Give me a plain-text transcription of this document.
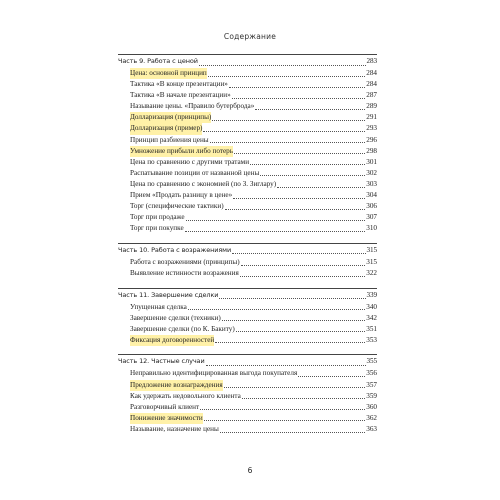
Содержание
Часть 9. Работа с ценой	283
Цена: основной принцип	284
Тактика «В конце презентации»	284
Тактика «В начале презентации»	287
Называние цены. «Правило бутерброда»	289
Долларизация (принципы)	291
Долларизация (пример)	293
Принцип разбиения цены	296
Умножение прибыли либо потерь	298
Цена по сравнению с другими тратами	301
Распатывание позиции от названной цены	302
Цена по сравнению с экономией (по З. Зиглару)	303
Прием «Продать разницу в цене»	304
Торг (специфические тактики)	306
Торг при продаже	307
Торг при покупке	310
Часть 10. Работа с возражениями	315
Работа с возражениями (принципы)	315
Выявление истинности возражения	322
Часть 11. Завершение сделки	339
Упущенная сделка	340
Завершение сделки (техники)	342
Завершение сделки (по К. Бакиту)	351
Фиксация договоренностей	353
Часть 12. Частные случаи	355
Неправильно идентифицированная выгода покупателя	356
Предложение вознаграждения	357
Как удержать недовольного клиента	359
Разговорчивый клиент	360
Понижение значимости	362
Называние, назначение цены	363
6
